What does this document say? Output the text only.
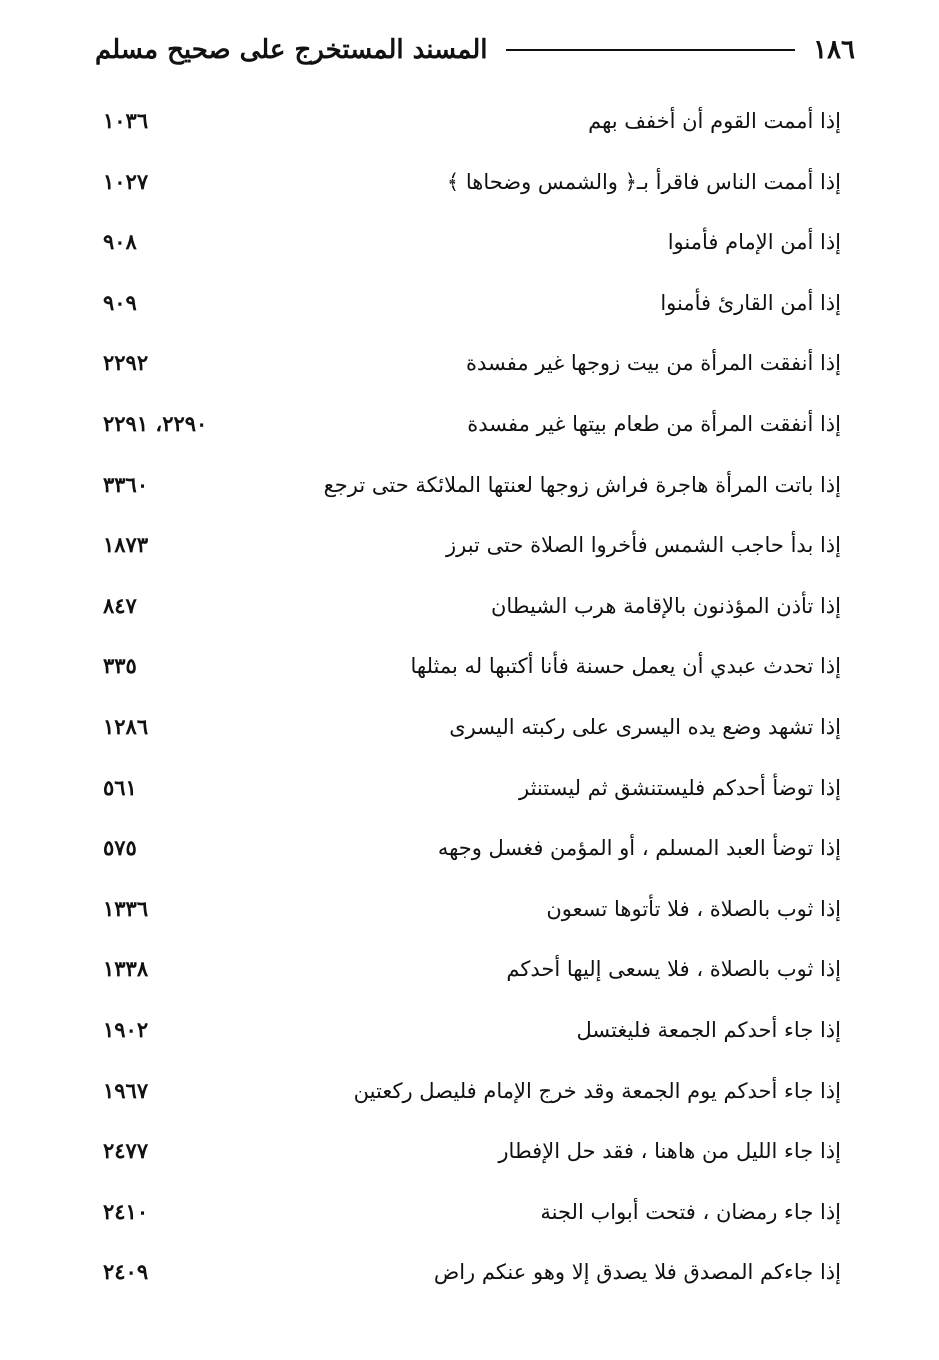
١٨٦
المسند المستخرج على صحيح مسلم
إذا أممت القوم أن أخفف بهم
١٠٣٦
إذا أممت الناس فاقرأ بـ﴿ والشمس وضحاها ﴾
١٠٢٧
إذا أمن الإمام فأمنوا
٩٠٨
إذا أمن القارئ فأمنوا
٩٠٩
إذا أنفقت المرأة من بيت زوجها غير مفسدة
٢٢٩٢
إذا أنفقت المرأة من طعام بيتها غير مفسدة
٢٢٩٠، ٢٢٩١
إذا باتت المرأة هاجرة فراش زوجها لعنتها الملائكة حتى ترجع
٣٣٦٠
إذا بدأ حاجب الشمس فأخروا الصلاة حتى تبرز
١٨٧٣
إذا تأذن المؤذنون بالإقامة هرب الشيطان
٨٤٧
إذا تحدث عبدي أن يعمل حسنة فأنا أكتبها له بمثلها
٣٣٥
إذا تشهد وضع يده اليسرى على ركبته اليسرى
١٢٨٦
إذا توضأ أحدكم فليستنشق ثم ليستنثر
٥٦١
إذا توضأ العبد المسلم ، أو المؤمن فغسل وجهه
٥٧٥
إذا ثوب بالصلاة ، فلا تأتوها تسعون
١٣٣٦
إذا ثوب بالصلاة ، فلا يسعى إليها أحدكم
١٣٣٨
إذا جاء أحدكم الجمعة فليغتسل
١٩٠٢
إذا جاء أحدكم يوم الجمعة وقد خرج الإمام فليصل ركعتين
١٩٦٧
إذا جاء الليل من هاهنا ، فقد حل الإفطار
٢٤٧٧
إذا جاء رمضان ، فتحت أبواب الجنة
٢٤١٠
إذا جاءكم المصدق فلا يصدق إلا وهو عنكم راض
٢٤٠٩
